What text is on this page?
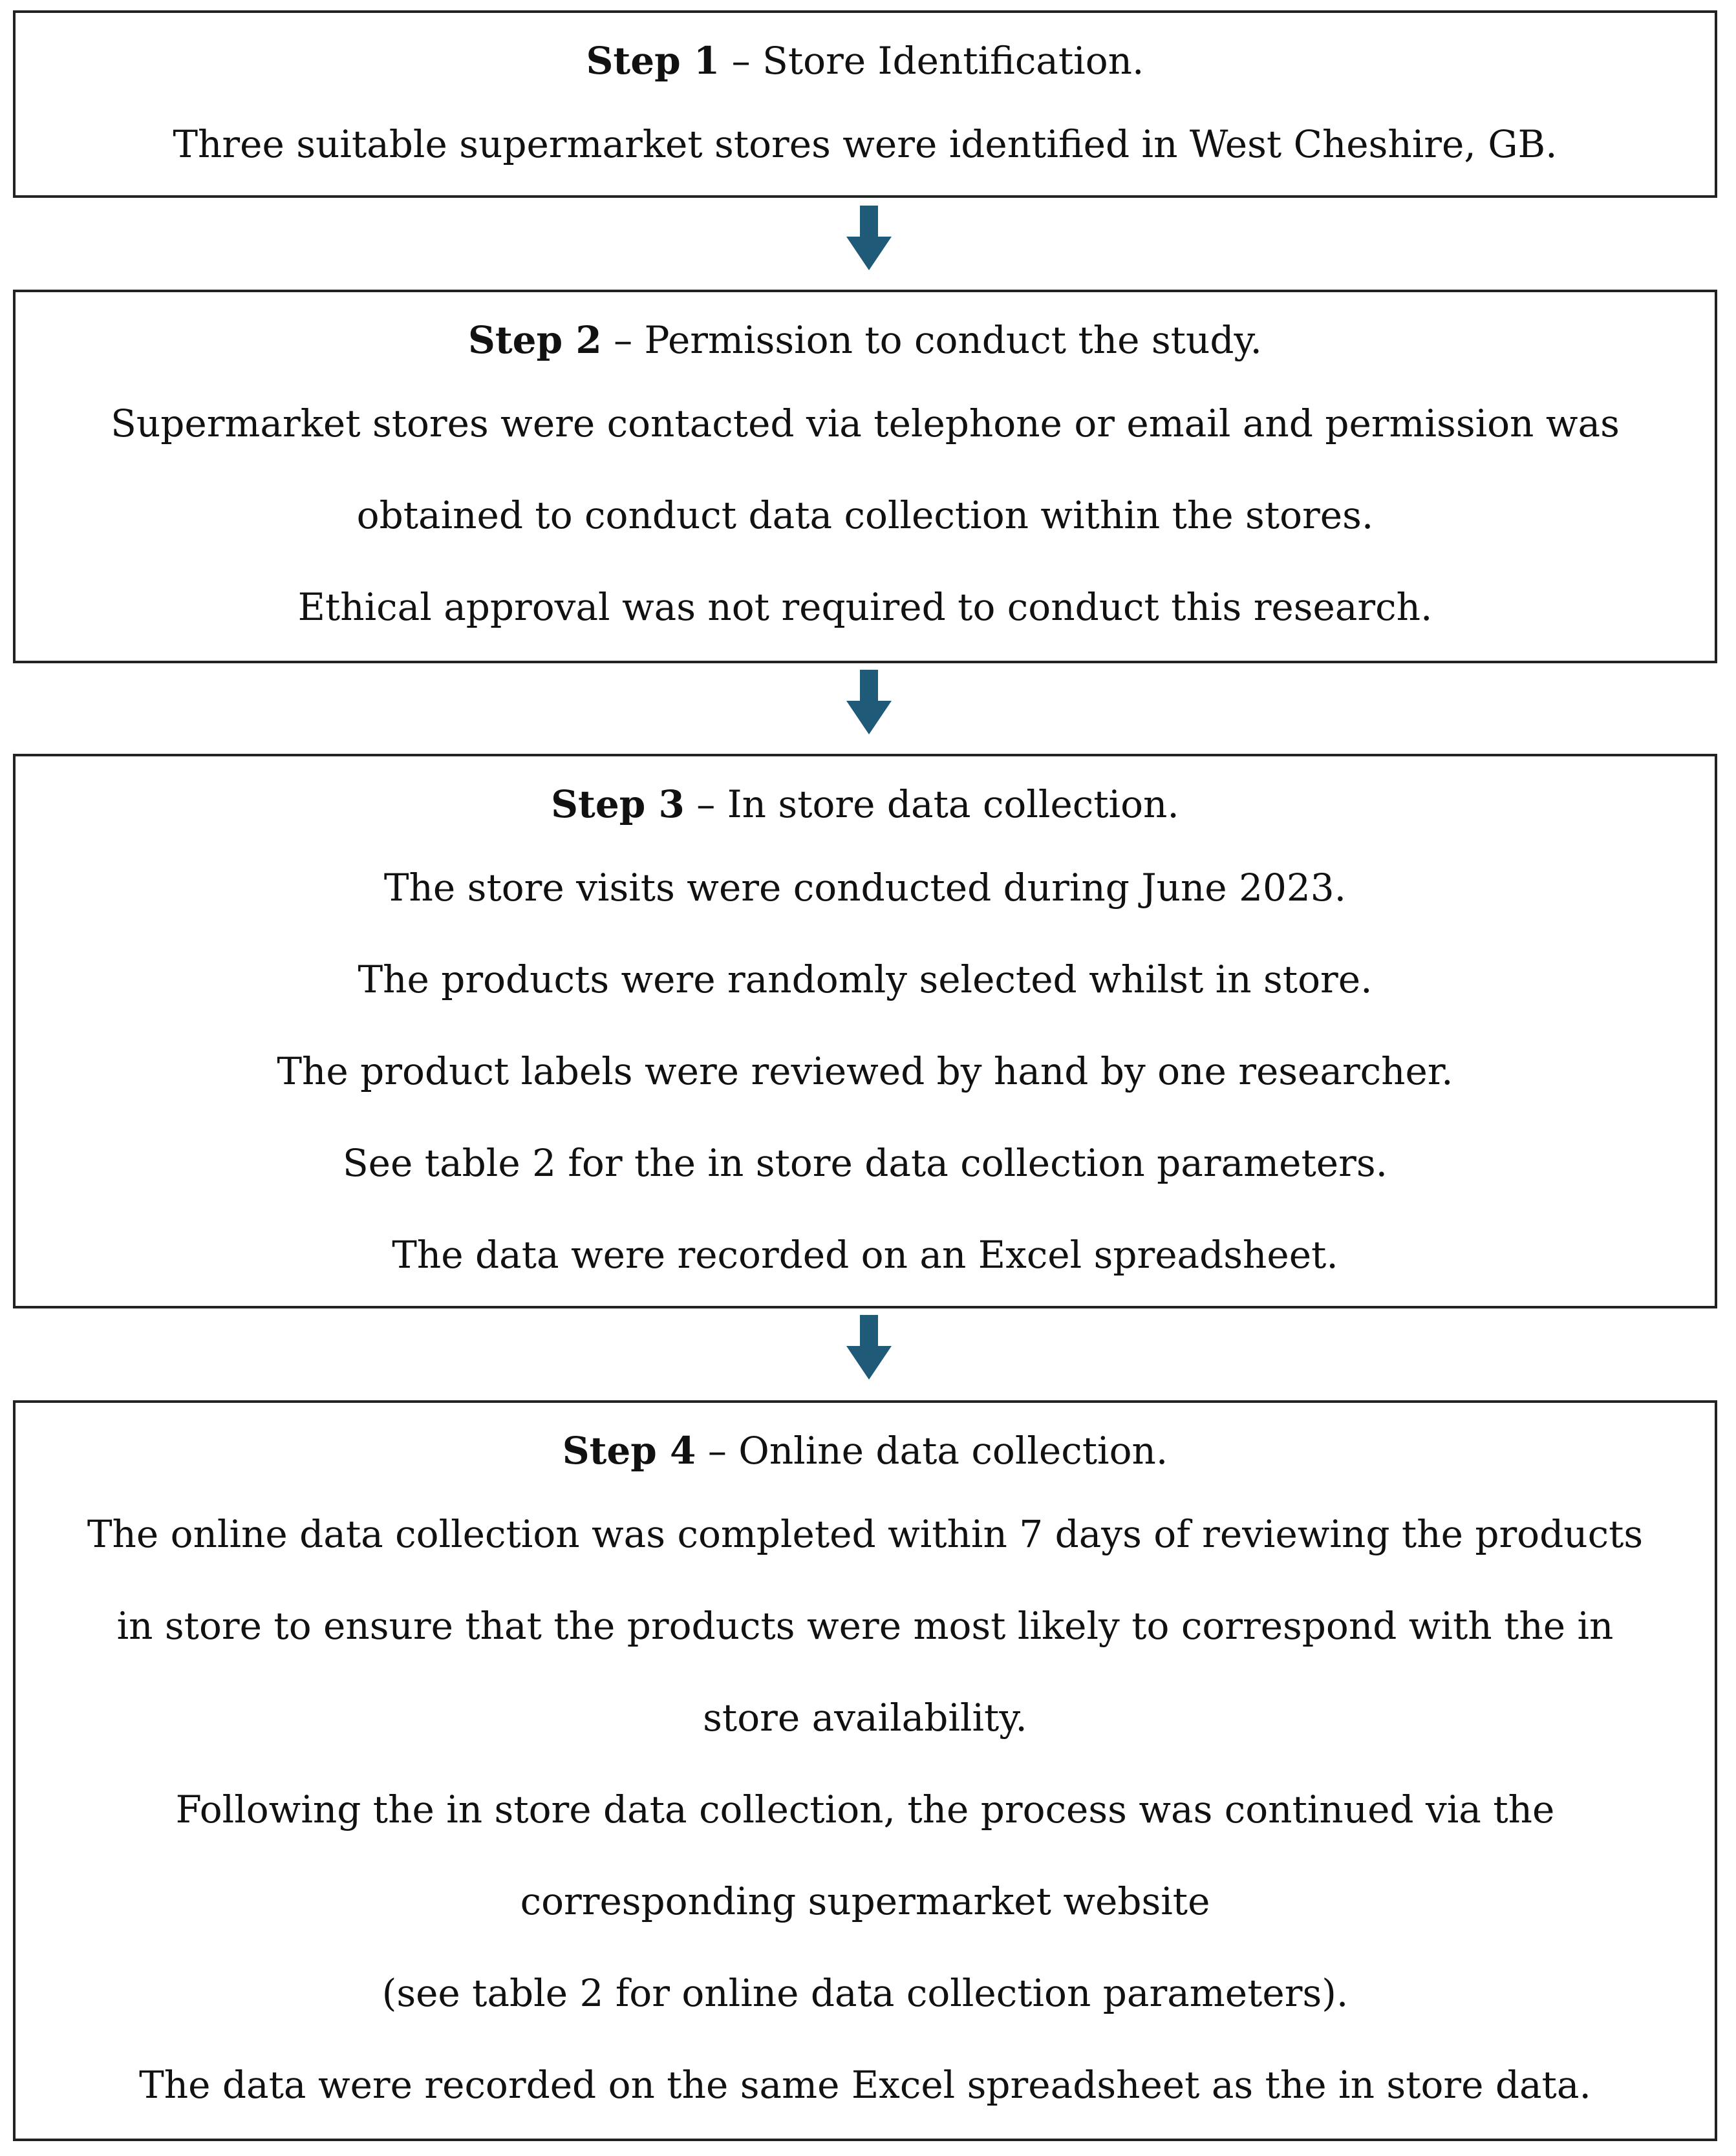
Step 1 – Store Identification.

Three suitable supermarket stores were identified in West Cheshire, GB.

Step 2 – Permission to conduct the study.

Supermarket stores were contacted via telephone or email and permission was

obtained to conduct data collection within the stores.

Ethical approval was not required to conduct this research.

Step 3 – In store data collection.

The store visits were conducted during June 2023.

The products were randomly selected whilst in store.

The product labels were reviewed by hand by one researcher.

See table 2 for the in store data collection parameters.

The data were recorded on an Excel spreadsheet.

Step 4 – Online data collection.

The online data collection was completed within 7 days of reviewing the products

in store to ensure that the products were most likely to correspond with the in

store availability.

Following the in store data collection, the process was continued via the

corresponding supermarket website

(see table 2 for online data collection parameters).

The data were recorded on the same Excel spreadsheet as the in store data.
